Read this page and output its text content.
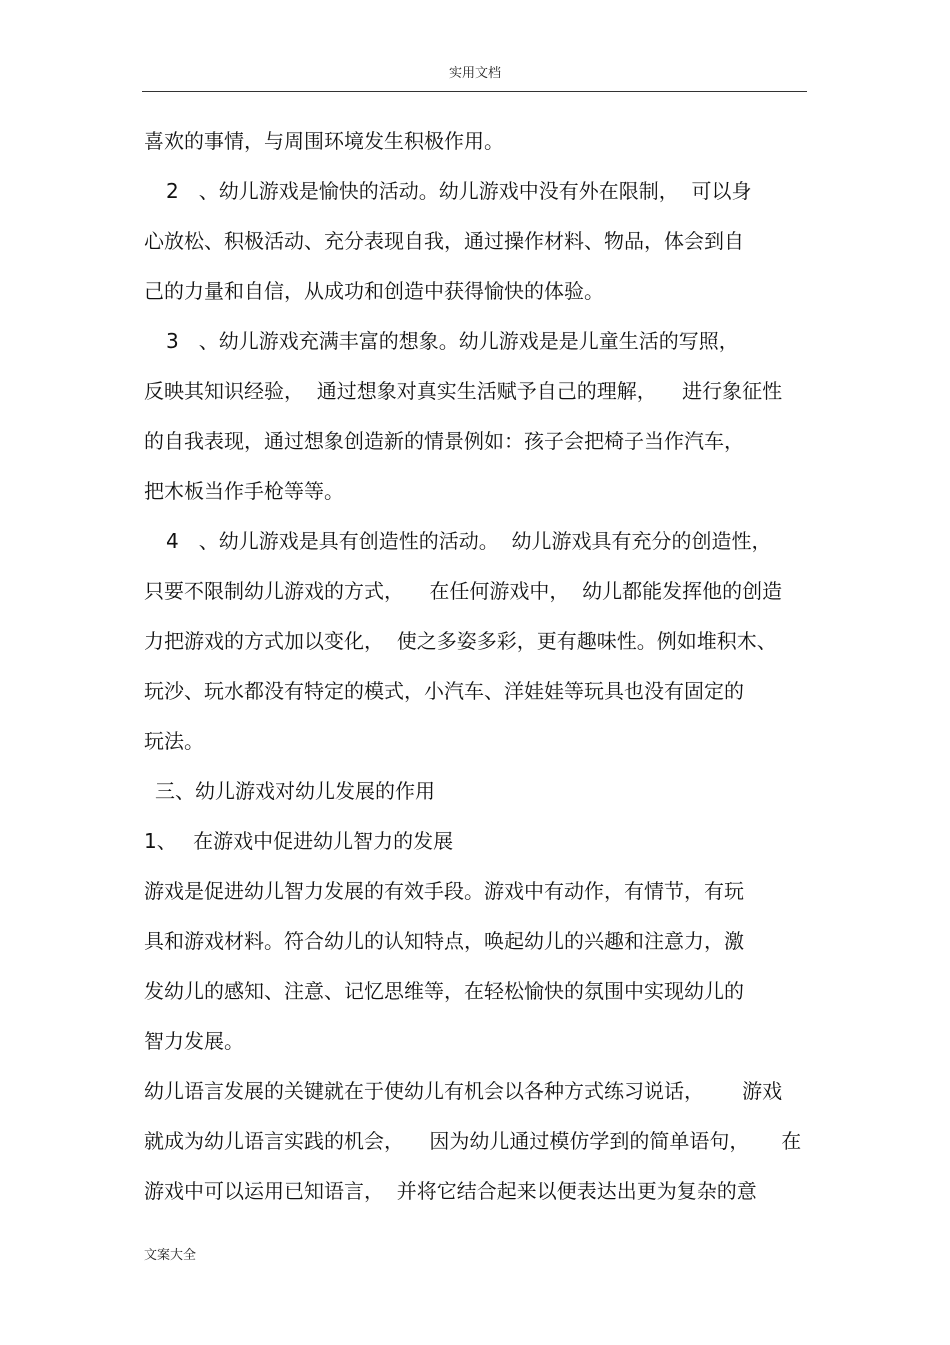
实用文档
喜欢的事情，与周围环境发生积极作用。
2　、幼儿游戏是愉快的活动。幼儿游戏中没有外在限制，  可以身
心放松、积极活动、充分表现自我，通过操作材料、物品，体会到自
己的力量和自信，从成功和创造中获得愉快的体验。
3　、幼儿游戏充满丰富的想象。幼儿游戏是是儿童生活的写照，
反映其知识经验，  通过想象对真实生活赋予自己的理解，    进行象征性
的自我表现，通过想象创造新的情景例如：孩子会把椅子当作汽车，
把木板当作手枪等等。
4　、幼儿游戏是具有创造性的活动。  幼儿游戏具有充分的创造性，
只要不限制幼儿游戏的方式，    在任何游戏中，  幼儿都能发挥他的创造
力把游戏的方式加以变化，  使之多姿多彩，更有趣味性。例如堆积木、
玩沙、玩水都没有特定的模式，小汽车、洋娃娃等玩具也没有固定的
玩法。
三、幼儿游戏对幼儿发展的作用
1、　 在游戏中促进幼儿智力的发展
游戏是促进幼儿智力发展的有效手段。游戏中有动作，有情节，有玩
具和游戏材料。符合幼儿的认知特点，唤起幼儿的兴趣和注意力，激
发幼儿的感知、注意、记忆思维等，在轻松愉快的氛围中实现幼儿的
智力发展。
幼儿语言发展的关键就在于使幼儿有机会以各种方式练习说话，      游戏
就成为幼儿语言实践的机会，    因为幼儿通过模仿学到的简单语句，     在
游戏中可以运用已知语言，  并将它结合起来以便表达出更为复杂的意
文案大全
